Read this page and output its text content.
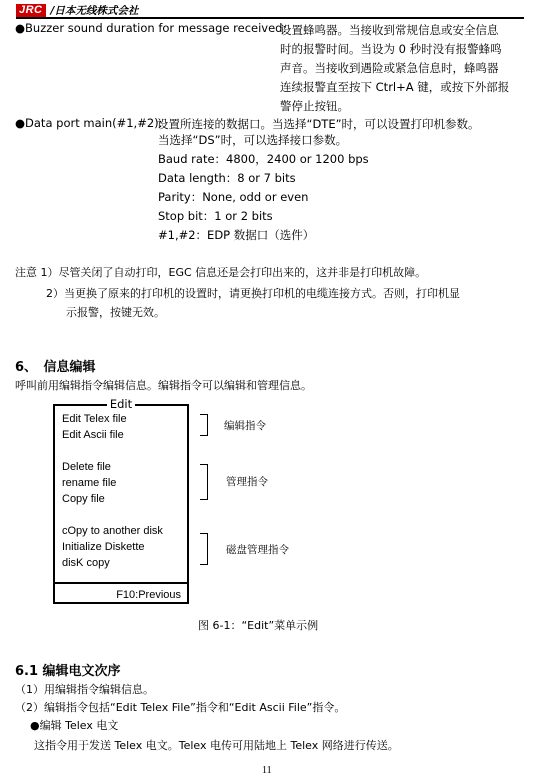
JRC /日本无线株式会社
●Buzzer sound duration for message received:
设置蜂鸣器。当接收到常规信息或安全信息
时的报警时间。当设为 0 秒时没有报警蜂鸣
声音。当接收到遇险或紧急信息时，蜂鸣器
连续报警直至按下 Ctrl+A 键，或按下外部报
警停止按钮。
●Data port main(#1,#2):
设置所连接的数据口。当选择“DTE”时，可以设置打印机参数。
当选择“DS”时，可以选择接口参数。
Baud rate：4800，2400 or 1200 bps
Data length：8 or 7 bits
Parity：None, odd or even
Stop bit：1 or 2 bits
#1,#2：EDP 数据口（选件）
注意 1）尽管关闭了自动打印，EGC 信息还是会打印出来的，这并非是打印机故障。
2）当更换了原来的打印机的设置时，请更换打印机的电缆连接方式。否则，打印机显
示报警，按键无效。
6、　信息编辑
呼叫前用编辑指令编辑信息。编辑指令可以编辑和管理信息。
Edit
Edit Telex file
Edit Ascii file
Delete file
rename file
Copy file
cOpy to another disk
Initialize Diskette
disK copy
F10:Previous
编辑指令
管理指令
磁盘管理指令
图 6-1：“Edit”菜单示例
6.1 编辑电文次序
（1）用编辑指令编辑信息。
（2）编辑指令包括“Edit Telex File”指令和“Edit Ascii File”指令。
●编辑 Telex 电文
这指令用于发送 Telex 电文。Telex 电传可用陆地上 Telex 网络进行传送。
11
